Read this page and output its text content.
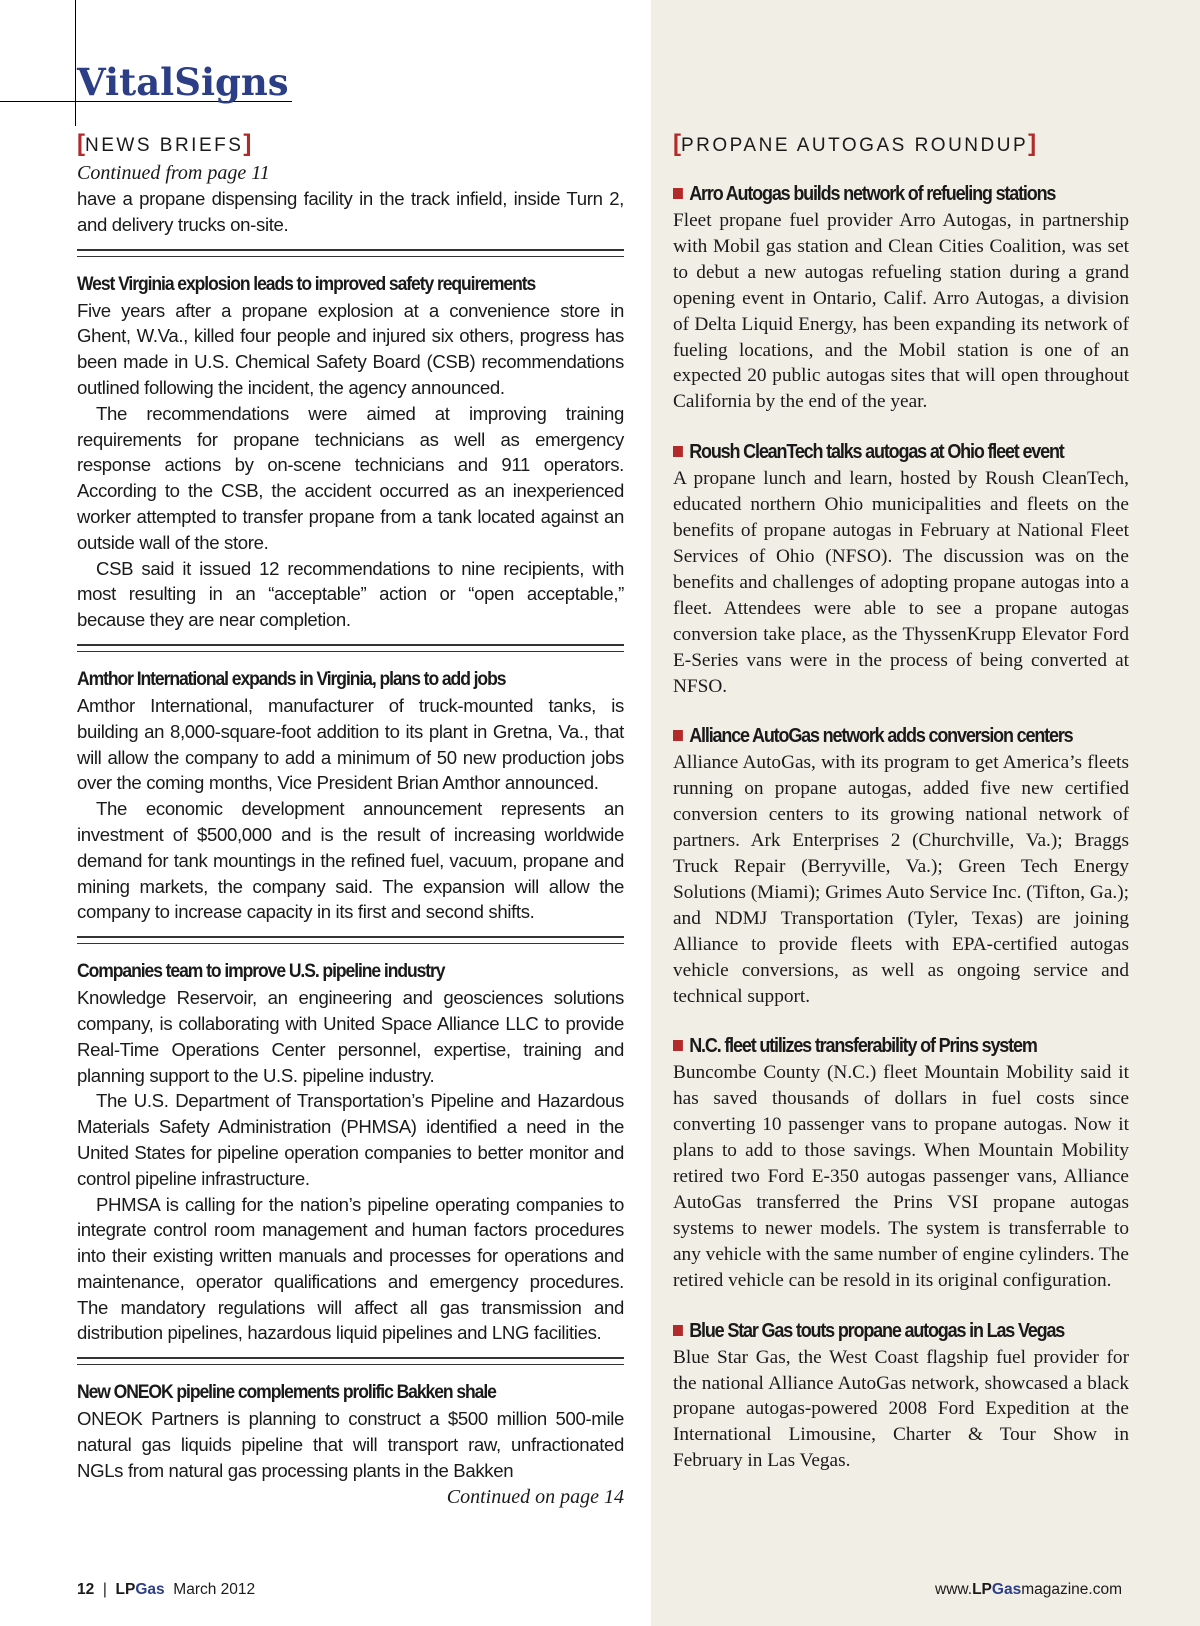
VitalSigns
[NEWS BRIEFS]	[PROPANE AUTOGAS ROUNDUP]
Continued from page 11

have a propane dispensing facility in the track infield, inside Turn 2, and delivery trucks on-site.

West Virginia explosion leads to improved safety requirements

Five years after a propane explosion at a convenience store in Ghent, W.Va., killed four people and injured six others, progress has been made in U.S. Chemical Safety Board (CSB) recommendations outlined following the incident, the agency announced.

The recommendations were aimed at improving training requirements for propane technicians as well as emergency response actions by on-scene technicians and 911 operators. According to the CSB, the accident occurred as an inexperienced worker attempted to transfer propane from a tank located against an outside wall of the store.

CSB said it issued 12 recommendations to nine recipients, with most resulting in an “acceptable” action or “open acceptable,” because they are near completion.

Amthor International expands in Virginia, plans to add jobs

Amthor International, manufacturer of truck-mounted tanks, is building an 8,000-square-foot addition to its plant in Gretna, Va., that will allow the company to add a minimum of 50 new production jobs over the coming months, Vice President Brian Amthor announced.

The economic development announcement represents an investment of $500,000 and is the result of increasing worldwide demand for tank mountings in the refined fuel, vacuum, propane and mining markets, the company said. The expansion will allow the company to increase capacity in its first and second shifts.

Companies team to improve U.S. pipeline industry

Knowledge Reservoir, an engineering and geosciences solutions company, is collaborating with United Space Alliance LLC to provide Real-Time Operations Center personnel, expertise, training and planning support to the U.S. pipeline industry.

The U.S. Department of Transportation’s Pipeline and Hazardous Materials Safety Administration (PHMSA) identified a need in the United States for pipeline operation companies to better monitor and control pipeline infrastructure.

PHMSA is calling for the nation’s pipeline operating companies to integrate control room management and human factors procedures into their existing written manuals and processes for operations and maintenance, operator qualifications and emergency procedures. The mandatory regulations will affect all gas transmission and distribution pipelines, hazardous liquid pipelines and LNG facilities.

New ONEOK pipeline complements prolific Bakken shale

ONEOK Partners is planning to construct a $500 million 500-mile natural gas liquids pipeline that will transport raw, unfractionated NGLs from natural gas processing plants in the Bakken

Continued on page 14
Arro Autogas builds network of refueling stations

Fleet propane fuel provider Arro Autogas, in partnership with Mobil gas station and Clean Cities Coalition, was set to debut a new autogas refueling station during a grand opening event in Ontario, Calif. Arro Autogas, a division of Delta Liquid Energy, has been expanding its network of fueling locations, and the Mobil station is one of an expected 20 public autogas sites that will open throughout California by the end of the year.

Roush CleanTech talks autogas at Ohio fleet event

A propane lunch and learn, hosted by Roush CleanTech, educated northern Ohio municipalities and fleets on the benefits of propane autogas in February at National Fleet Services of Ohio (NFSO). The discussion was on the benefits and challenges of adopting propane autogas into a fleet. Attendees were able to see a propane autogas conversion take place, as the ThyssenKrupp Elevator Ford E-Series vans were in the process of being converted at NFSO.

Alliance AutoGas network adds conversion centers

Alliance AutoGas, with its program to get America’s fleets running on propane autogas, added five new certified conversion centers to its growing national network of partners. Ark Enterprises 2 (Churchville, Va.); Braggs Truck Repair (Berryville, Va.); Green Tech Energy Solutions (Miami); Grimes Auto Service Inc. (Tifton, Ga.); and NDMJ Transportation (Tyler, Texas) are joining Alliance to provide fleets with EPA-certified autogas vehicle conversions, as well as ongoing service and technical support.

N.C. fleet utilizes transferability of Prins system

Buncombe County (N.C.) fleet Mountain Mobility said it has saved thousands of dollars in fuel costs since converting 10 passenger vans to propane autogas. Now it plans to add to those savings. When Mountain Mobility retired two Ford E-350 autogas passenger vans, Alliance AutoGas transferred the Prins VSI propane autogas systems to newer models. The system is transferrable to any vehicle with the same number of engine cylinders. The retired vehicle can be resold in its original configuration.

Blue Star Gas touts propane autogas in Las Vegas

Blue Star Gas, the West Coast flagship fuel provider for the national Alliance AutoGas network, showcased a black propane autogas-powered 2008 Ford Expedition at the International Limousine, Charter & Tour Show in February in Las Vegas.

12 | LPGas March 2012	www.LPGasmagazine.com
